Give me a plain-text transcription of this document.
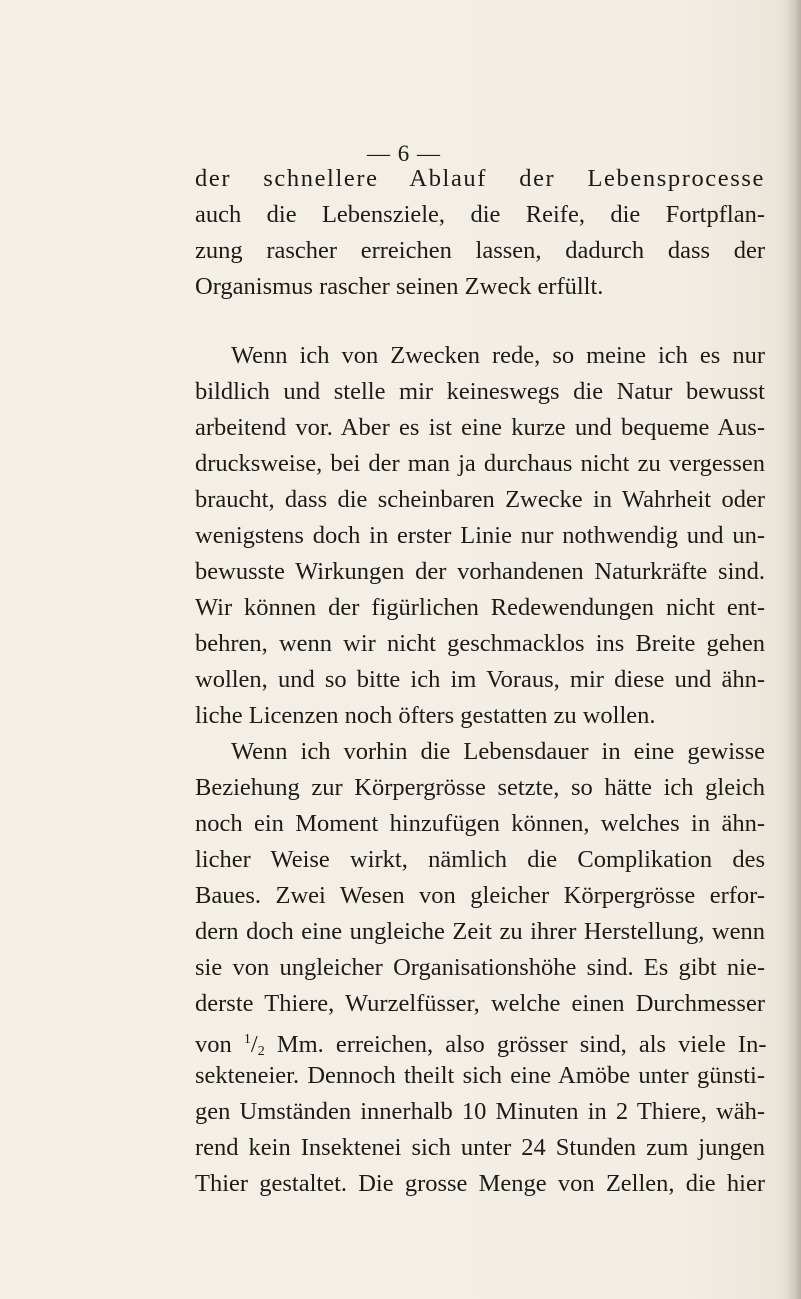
— 6 —
der schnellere Ablauf der Lebensprocesse
auch die Lebensziele, die Reife, die Fortpflan-
zung rascher erreichen lassen, dadurch dass der
Organismus rascher seinen Zweck erfüllt.
Wenn ich von Zwecken rede, so meine ich es nur
bildlich und stelle mir keineswegs die Natur bewusst
arbeitend vor. Aber es ist eine kurze und bequeme Aus-
drucksweise, bei der man ja durchaus nicht zu vergessen
braucht, dass die scheinbaren Zwecke in Wahrheit oder
wenigstens doch in erster Linie nur nothwendig und un-
bewusste Wirkungen der vorhandenen Naturkräfte sind.
Wir können der figürlichen Redewendungen nicht ent-
behren, wenn wir nicht geschmacklos ins Breite gehen
wollen, und so bitte ich im Voraus, mir diese und ähn-
liche Licenzen noch öfters gestatten zu wollen.
Wenn ich vorhin die Lebensdauer in eine gewisse
Beziehung zur Körpergrösse setzte, so hätte ich gleich
noch ein Moment hinzufügen können, welches in ähn-
licher Weise wirkt, nämlich die Complikation des
Baues. Zwei Wesen von gleicher Körpergrösse erfor-
dern doch eine ungleiche Zeit zu ihrer Herstellung, wenn
sie von ungleicher Organisationshöhe sind. Es gibt nie-
derste Thiere, Wurzelfüsser, welche einen Durchmesser
von $^1/_2$ Mm. erreichen, also grösser sind, als viele In-
sekteneier. Dennoch theilt sich eine Amöbe unter günsti-
gen Umständen innerhalb 10 Minuten in 2 Thiere, wäh-
rend kein Insektenei sich unter 24 Stunden zum jungen
Thier gestaltet. Die grosse Menge von Zellen, die hier
